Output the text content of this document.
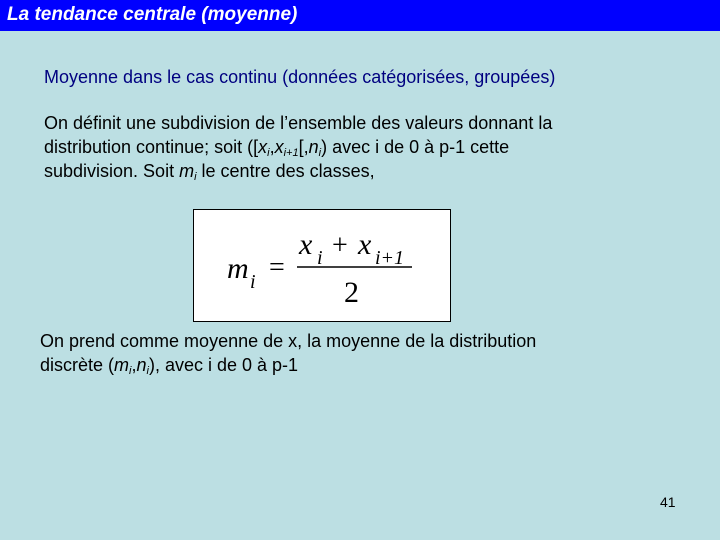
La tendance centrale (moyenne)
Moyenne dans le cas continu (données catégorisées, groupées)
On définit une subdivision de l’ensemble des valeurs donnant la
distribution continue; soit ([$x_i,x_{i+1}[,n_i)$ avec i de 0 à p-1 cette
subdivision. Soit $m_i$ le centre des classes,
m i =
x i + x i+1
2
On prend comme moyenne de x, la moyenne de la distribution
discrète $(m_i,n_i)$, avec i de 0 à p-1
41
